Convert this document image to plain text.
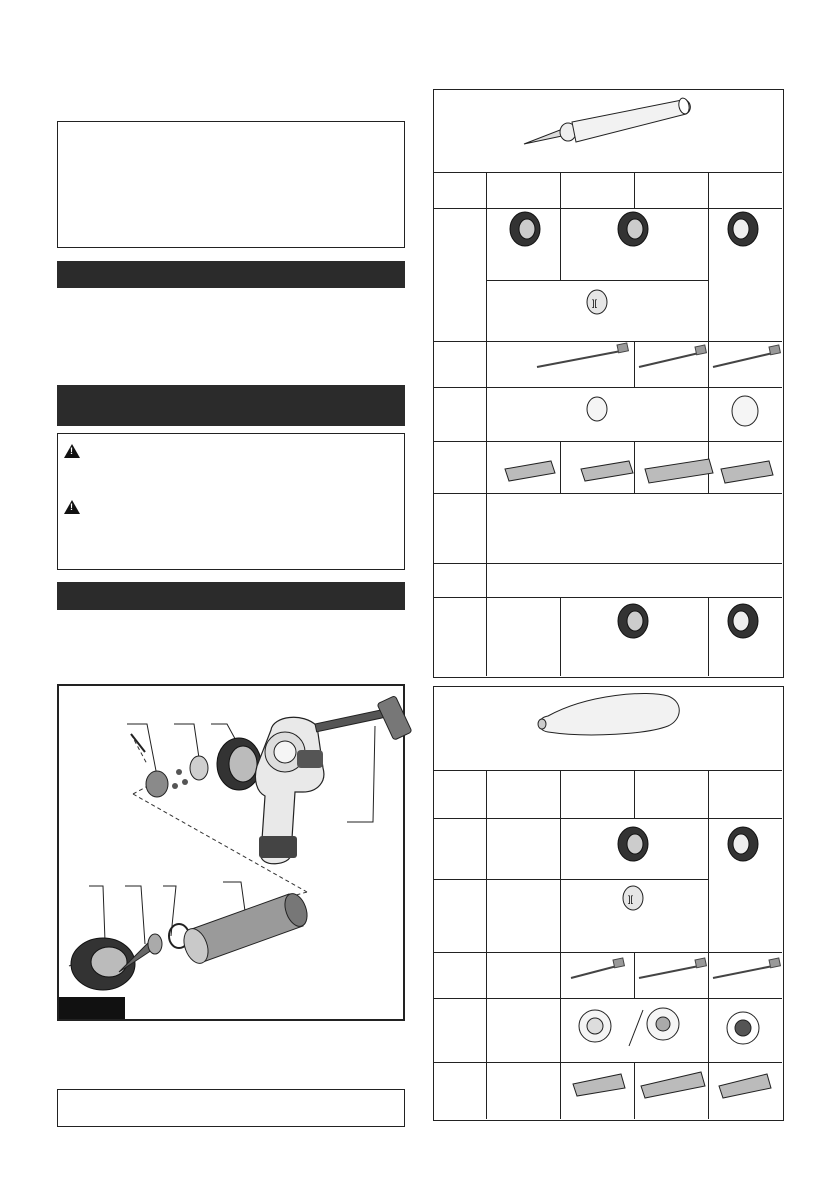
!
!
][
][
